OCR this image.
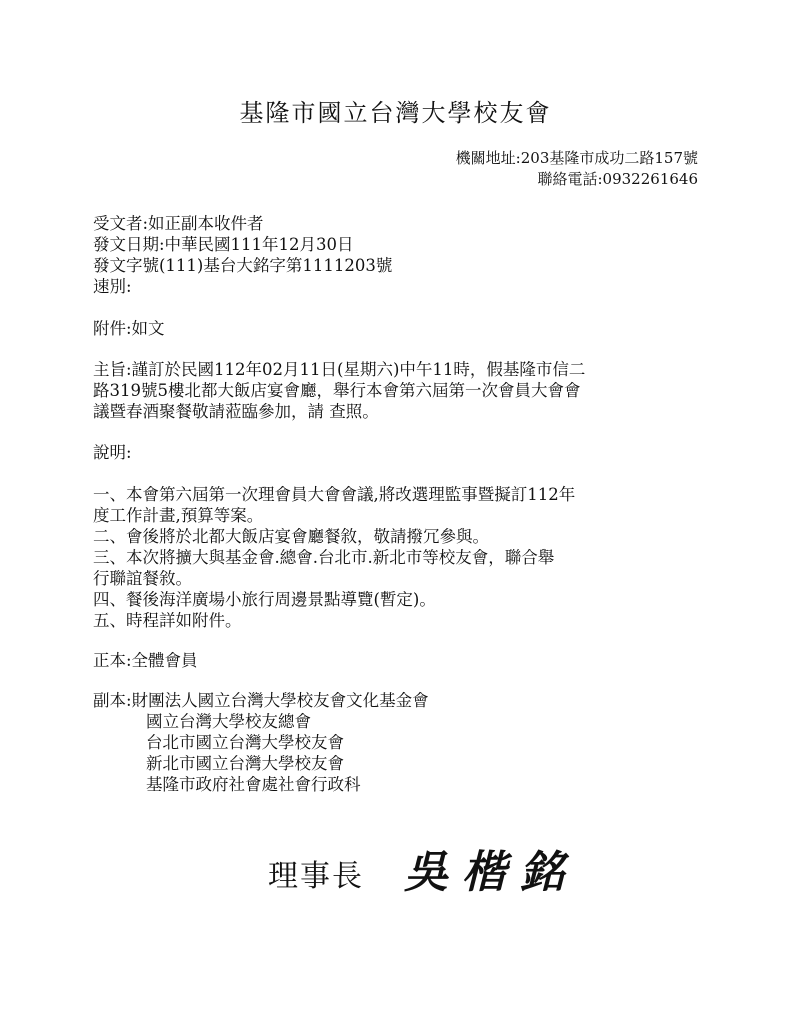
基隆市國立台灣大學校友會
機關地址:203基隆市成功二路157號
聯絡電話:0932261646
受文者:如正副本收件者
發文日期:中華民國111年12月30日
發文字號(111)基台大銘字第1111203號
速別:
附件:如文
主旨:謹訂於民國112年02月11日(星期六)中午11時，假基隆市信二
路319號5樓北都大飯店宴會廳，舉行本會第六屆第一次會員大會會
議暨春酒聚餐敬請蒞臨參加，請 查照。
說明:
一、本會第六屆第一次理會員大會會議,將改選理監事暨擬訂112年
度工作計畫,預算等案。
二、會後將於北都大飯店宴會廳餐敘，敬請撥冗參與。
三、本次將擴大與基金會.總會.台北市.新北市等校友會，聯合舉
行聯誼餐敘。
四、餐後海洋廣場小旅行周邊景點導覽(暫定)。
五、時程詳如附件。
正本:全體會員
副本:財團法人國立台灣大學校友會文化基金會
國立台灣大學校友總會
台北市國立台灣大學校友會
新北市國立台灣大學校友會
基隆市政府社會處社會行政科
理事長 吳楷銘
